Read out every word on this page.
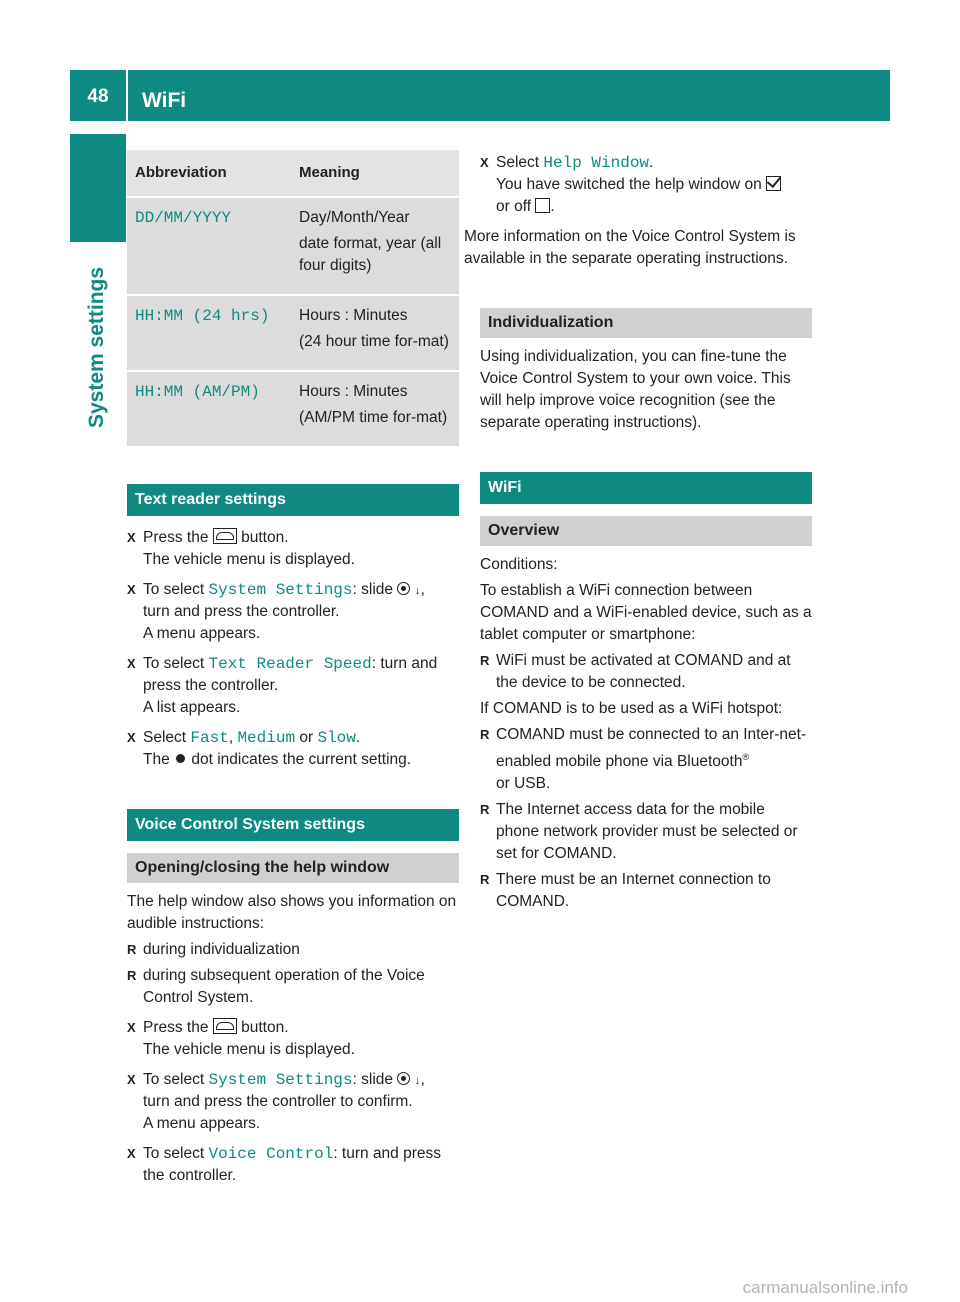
48	WiFi
System settings
Abbreviation	Meaning
DD/MM/YYYY	Day/Month/Year

date format, year (all four digits)

HH:MM (24 hrs)	Hours : Minutes

(24 hour time for-mat)

HH:MM (AM/PM)	Hours : Minutes

(AM/PM time for-mat)

Text reader settings
X Press the button.
The vehicle menu is displayed.
X To select System Settings: slide ↓,
turn and press the controller.
A menu appears.
X To select Text Reader Speed: turn and
press the controller.
A list appears.
X Select Fast, Medium or Slow.
The dot indicates the current setting.
Voice Control System settings
Opening/closing the help window

The help window also shows you information on audible instructions:

R during individualization
R during subsequent operation of the Voice Control System.
X Press the button.
The vehicle menu is displayed.
X To select System Settings: slide ↓,
turn and press the controller to confirm.
A menu appears.
X To select Voice Control: turn and press
the controller.
X Select Help Window.
You have switched the help window on
or off .

More information on the Voice Control System is available in the separate operating instructions.

Individualization

Using individualization, you can fine-tune the Voice Control System to your own voice. This will help improve voice recognition (see the separate operating instructions).

WiFi
Overview

Conditions:

To establish a WiFi connection between COMAND and a WiFi-enabled device, such as a tablet computer or smartphone:

R WiFi must be activated at COMAND and at the device to be connected.

If COMAND is to be used as a WiFi hotspot:

R COMAND must be connected to an Inter-net-enabled mobile phone via Bluetooth®
or USB.
R The Internet access data for the mobile phone network provider must be selected or set for COMAND.
R There must be an Internet connection to COMAND.
carmanualsonline.info
